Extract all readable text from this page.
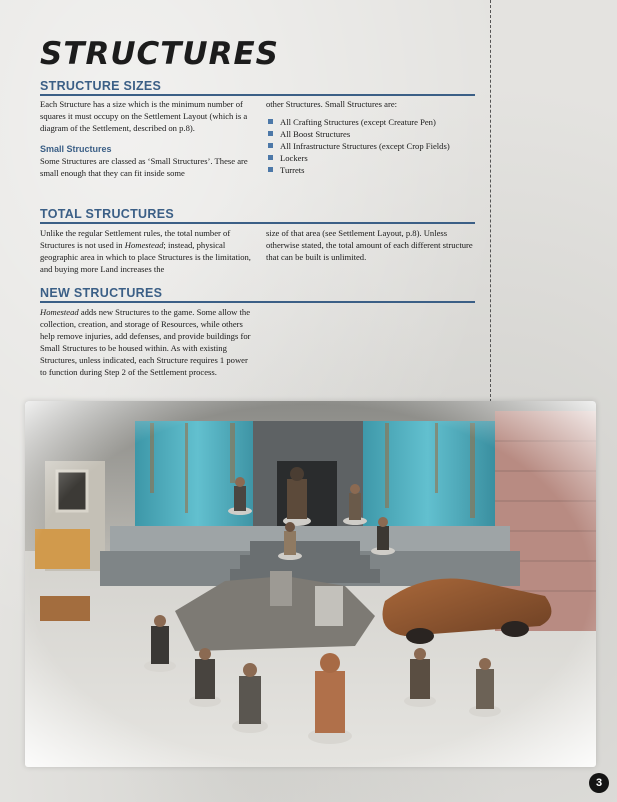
STRUCTURES
STRUCTURE SIZES

Each Structure has a size which is the minimum number of squares it must occupy on the Settlement Layout (which is a diagram of the Settlement, described on p.8).

Small Structures

Some Structures are classed as ‘Small Structures’. These are small enough that they can fit inside some

other Structures. Small Structures are:

All Crafting Structures (except Creature Pen)
All Boost Structures
All Infrastructure Structures (except Crop Fields)
Lockers
Turrets
TOTAL STRUCTURES

Unlike the regular Settlement rules, the total number of Structures is not used in Homestead; instead, physical geographic area in which to place Structures is the limitation, and buying more Land increases the

size of that area (see Settlement Layout, p.8). Unless otherwise stated, the total amount of each different structure that can be built is unlimited.

NEW STRUCTURES

Homestead adds new Structures to the game. Some allow the collection, creation, and storage of Resources, while others help remove injuries, add defenses, and provide buildings for Small Structures to be housed within. As with existing Structures, unless indicated, each Structure requires 1 power to function during Step 2 of the Settlement process.

3
